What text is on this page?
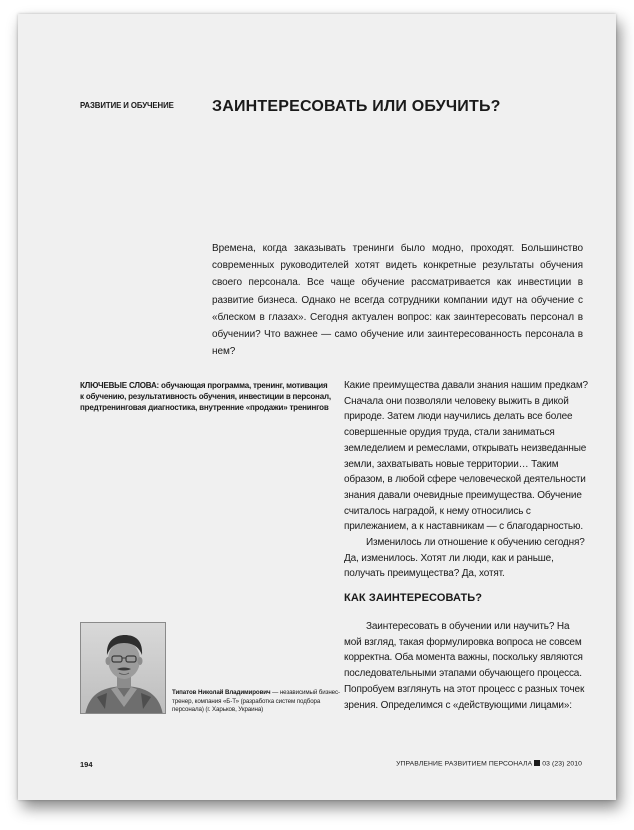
РАЗВИТИЕ И ОБУЧЕНИЕ ЗАИНТЕРЕСОВАТЬ ИЛИ ОБУЧИТЬ?
Времена, когда заказывать тренинги было модно, проходят. Большинство современных руководителей хотят видеть конкретные результаты обучения своего персонала. Все чаще обучение рассматривается как инвестиции в развитие бизнеса. Однако не всегда сотрудники компании идут на обучение с «блеском в глазах». Сегодня актуален вопрос: как заинтересовать персонал в обучении? Что важнее — само обучение или заинтересованность персонала в нем?
КЛЮЧЕВЫЕ СЛОВА: обучающая программа, тренинг, мотивация к обучению, результативность обучения, инвестиции в персонал, предтренинговая диагностика, внутренние «продажи» тренингов

Какие преимущества давали знания нашим предкам? Сначала они позволяли человеку выжить в дикой природе. Затем люди научились делать все более совершенные орудия труда, стали заниматься земледелием и ремеслами, открывать неизведанные земли, захватывать новые территории… Таким образом, в любой сфере человеческой деятельности знания давали очевидные преимущества. Обучение считалось наградой, к нему относились с прилежанием, а к наставникам — с благодарностью.

Изменилось ли отношение к обучению сегодня? Да, изменилось. Хотят ли люди, как и раньше, получать преимущества? Да, хотят.

КАК ЗАИНТЕРЕСОВАТЬ?

Заинтересовать в обучении или научить? На мой взгляд, такая формулировка вопроса не совсем корректна. Оба момента важны, поскольку являются последовательными этапами обучающего процесса. Попробуем взглянуть на этот процесс с разных точек зрения. Определимся с «действующими лицами»:

Типатов Николай Владимирович — независимый бизнес-тренер, компания «Б-Т» (разработка систем подбора персонала) (г. Харьков, Украина)
194	УПРАВЛЕНИЕ РАЗВИТИЕМ ПЕРСОНАЛА 03 (23) 2010
